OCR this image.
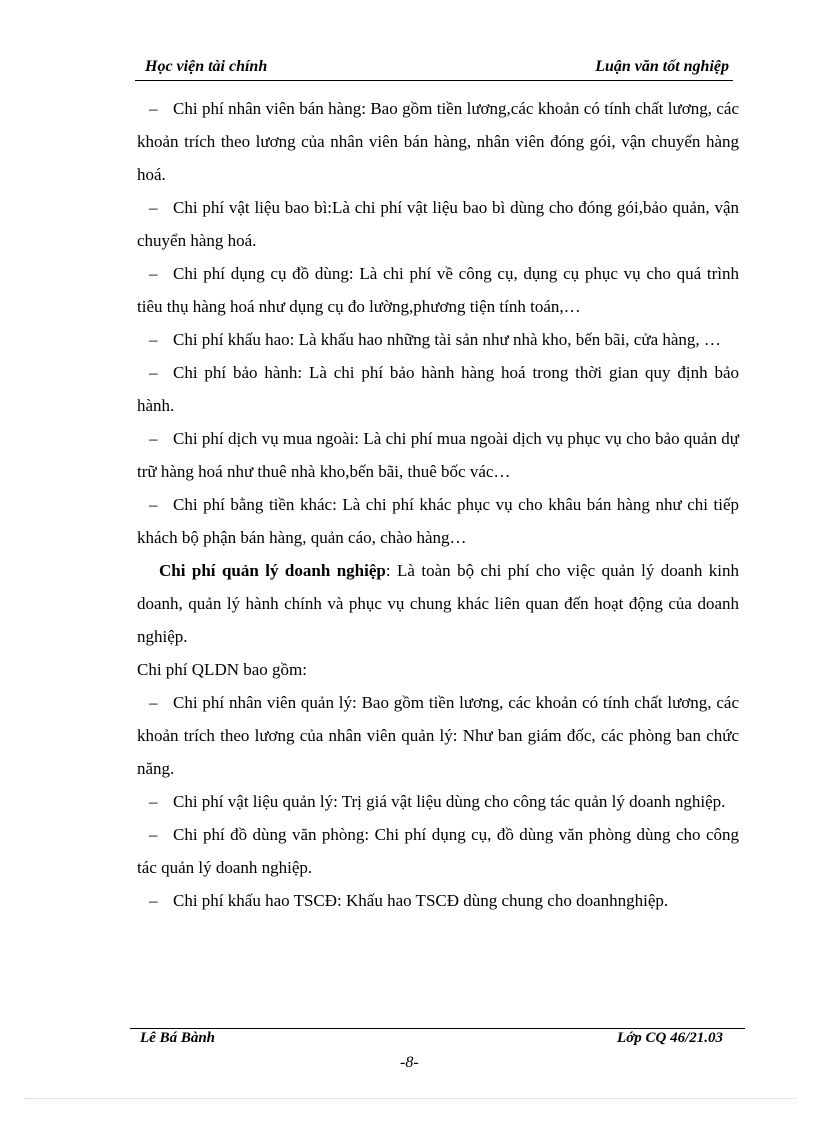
Học viện tài chính	Luận văn tốt nghiệp

– Chi phí nhân viên bán hàng: Bao gồm tiền lương,các khoản có tính chất lương, các khoản trích theo lương của nhân viên bán hàng, nhân viên đóng gói, vận chuyển hàng hoá.

– Chi phí vật liệu bao bì:Là chi phí vật liệu bao bì dùng cho đóng gói,bảo quản, vận chuyển hàng hoá.

– Chi phí dụng cụ đồ dùng: Là chi phí về công cụ, dụng cụ phục vụ cho quá trình tiêu thụ hàng hoá như dụng cụ đo lường,phương tiện tính toán,…

– Chi phí khấu hao: Là khấu hao những tài sản như nhà kho, bến bãi, cửa hàng, …

– Chi phí bảo hành: Là chi phí bảo hành hàng hoá trong thời gian quy định bảo hành.

– Chi phí dịch vụ mua ngoài: Là chi phí mua ngoài dịch vụ phục vụ cho bảo quản dự trữ hàng hoá như thuê nhà kho,bến bãi, thuê bốc vác…

– Chi phí bằng tiền khác: Là chi phí khác phục vụ cho khâu bán hàng như chi tiếp khách bộ phận bán hàng, quản cáo, chào hàng…

Chi phí quản lý doanh nghiệp: Là toàn bộ chi phí cho việc quản lý doanh kinh doanh, quản lý hành chính và phục vụ chung khác liên quan đến hoạt động của doanh nghiệp.

Chi phí QLDN bao gồm:

– Chi phí nhân viên quản lý: Bao gồm tiền lương, các khoản có tính chất lương, các khoản trích theo lương của nhân viên quản lý: Như ban giám đốc, các phòng ban chức năng.

– Chi phí vật liệu quản lý: Trị giá vật liệu dùng cho công tác quản lý doanh nghiệp.

– Chi phí đồ dùng văn phòng: Chi phí dụng cụ, đồ dùng văn phòng dùng cho công tác quản lý doanh nghiệp.

– Chi phí khấu hao TSCĐ: Khấu hao TSCĐ dùng chung cho doanhnghiệp.

Lê Bá Bành	Lớp CQ 46/21.03
-8-
